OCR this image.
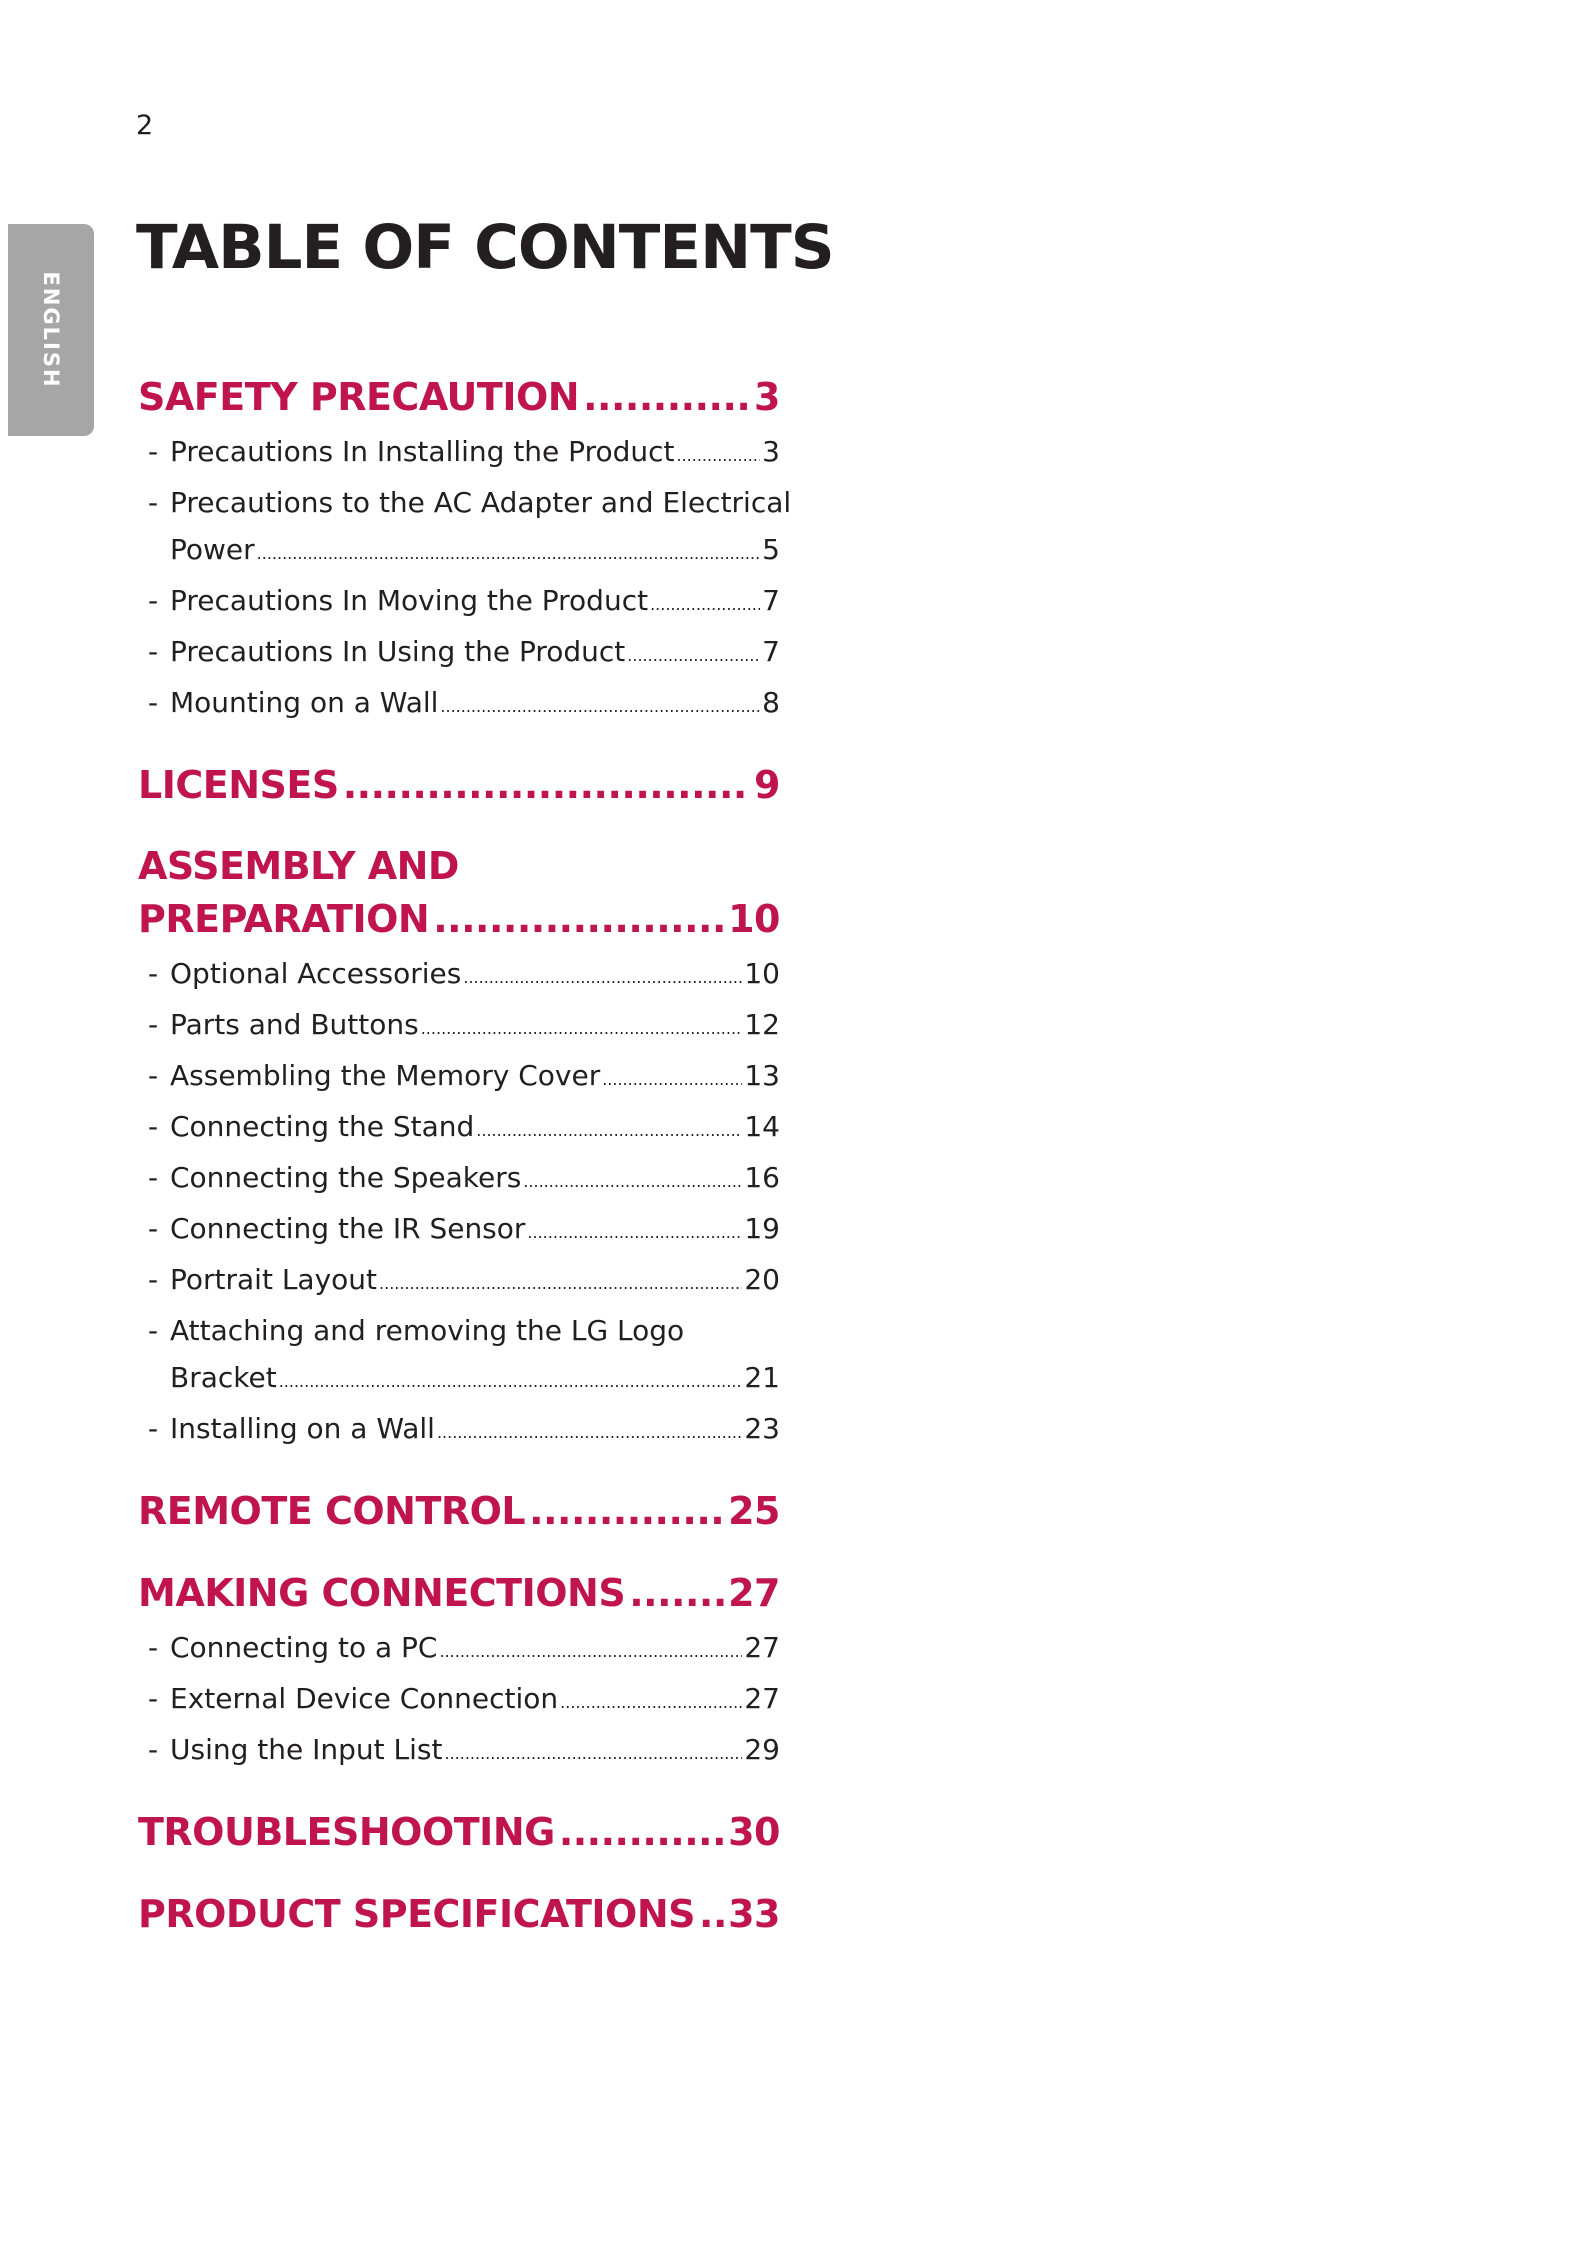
2
ENGLISH
TABLE OF CONTENTS
SAFETY PRECAUTION .....	3
- Precautions In Installing the Product .....	3
- Precautions to the AC Adapter and Electrical
Power .....	5
- Precautions In Moving the Product .....	7
- Precautions In Using the Product .....	7
- Mounting on a Wall .....	8
LICENSES .....	9
ASSEMBLY AND
PREPARATION .....	10
- Optional Accessories .....	10
- Parts and Buttons .....	12
- Assembling the Memory Cover .....	13
- Connecting the Stand .....	14
- Connecting the Speakers .....	16
- Connecting the IR Sensor .....	19
- Portrait Layout .....	20
- Attaching and removing the LG Logo
Bracket .....	21
- Installing on a Wall .....	23
REMOTE CONTROL .....	25
MAKING CONNECTIONS .....	27
- Connecting to a PC .....	27
- External Device Connection .....	27
- Using the Input List .....	29
TROUBLESHOOTING .....	30
PRODUCT SPECIFICATIONS ..... 33
